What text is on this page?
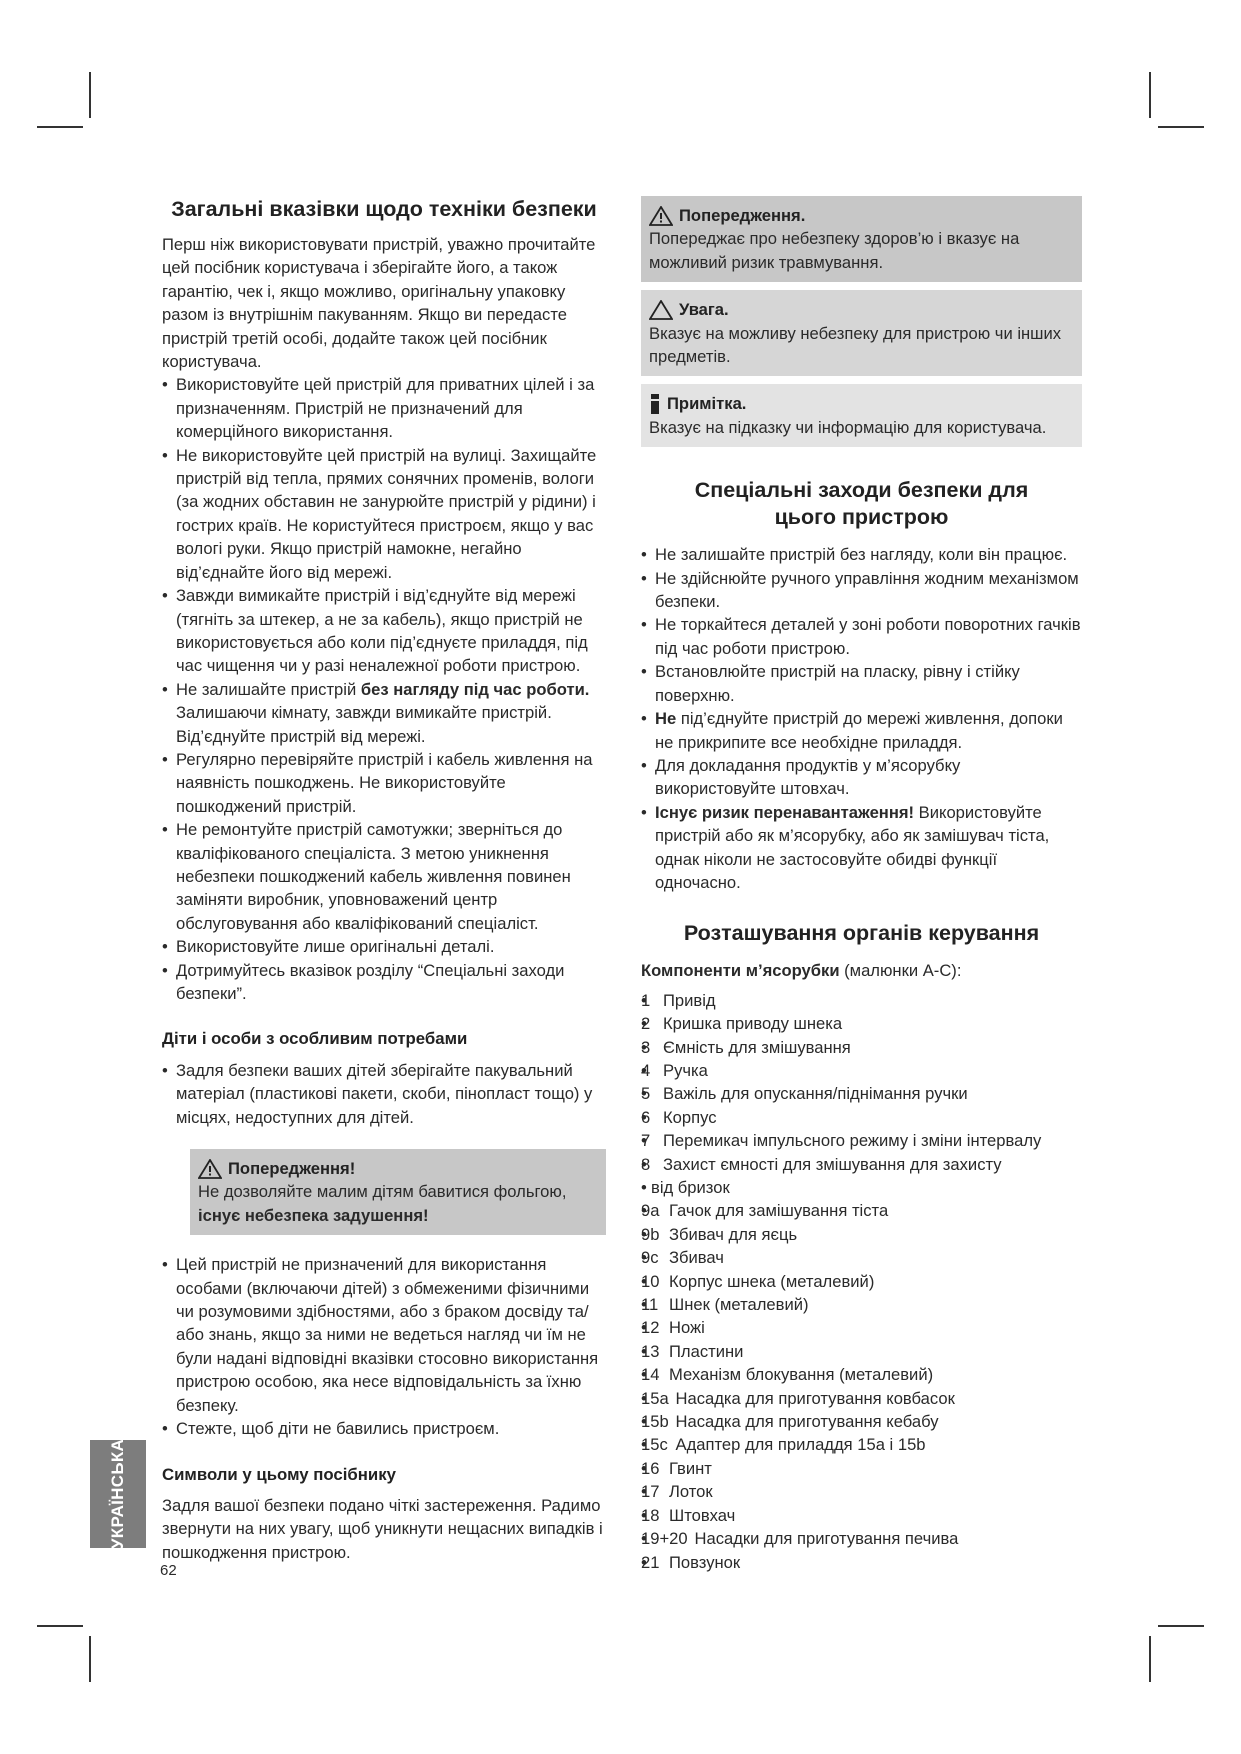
Загальні вказівки щодо техніки безпеки

Перш ніж використовувати пристрій, уважно прочитайте цей посібник користувача і зберігайте його, а також гарантію, чек і, якщо можливо, оригінальну упаковку разом із внутрішнім пакуванням. Якщо ви передасте пристрій третій особі, додайте також цей посібник користувача.

• Використовуйте цей пристрій для приватних цілей і за призначенням. Пристрій не призначений для комерційного використання.
• Не використовуйте цей пристрій на вулиці. Захищайте пристрій від тепла, прямих сонячних променів, вологи (за жодних обставин не занурюйте пристрій у рідини) і гострих країв. Не користуйтеся пристроєм, якщо у вас вологі руки. Якщо пристрій намокне, негайно від’єднайте його від мережі.
• Завжди вимикайте пристрій і від’єднуйте від мережі (тягніть за штекер, а не за кабель), якщо пристрій не використовується або коли під’єднуєте приладдя, під час чищення чи у разі неналежної роботи пристрою.
• Не залишайте пристрій без нагляду під час роботи. Залишаючи кімнату, завжди вимикайте пристрій. Від’єднуйте пристрій від мережі.
• Регулярно перевіряйте пристрій і кабель живлення на наявність пошкоджень. Не використовуйте пошкоджений пристрій.
• Не ремонтуйте пристрій самотужки; зверніться до кваліфікованого спеціаліста. З метою уникнення небезпеки пошкоджений кабель живлення повинен заміняти виробник, уповноважений центр обслуговування або кваліфікований спеціаліст.
• Використовуйте лише оригінальні деталі.
• Дотримуйтесь вказівок розділу “Спеціальні заходи безпеки”.
Діти і особи з особливим потребами
• Задля безпеки ваших дітей зберігайте пакувальний матеріал (пластикові пакети, скоби, пінопласт тощо) у місцях, недоступних для дітей.
Попередження!

Не дозволяйте малим дітям бавитися фольгою, існує небезпека задушення!

• Цей пристрій не призначений для використання особами (включаючи дітей) з обмеженими фізичними чи розумовими здібностями, або з браком досвіду та/або знань, якщо за ними не ведеться нагляд чи їм не були надані відповідні вказівки стосовно використання пристрою особою, яка несе відповідальність за їхню безпеку.
• Стежте, щоб діти не бавились пристроєм.
Символи у цьому посібнику

Задля вашої безпеки подано чіткі застереження. Радимо звернути на них увагу, щоб уникнути нещасних випадків і пошкодження пристрою.

Попередження.

Попереджає про небезпеку здоров’ю і вказує на можливий ризик травмування.

Увага.

Вказує на можливу небезпеку для пристрою чи інших предметів.

Примітка.

Вказує на підказку чи інформацію для користувача.

Спеціальні заходи безпеки для
цього пристрою
• Не залишайте пристрій без нагляду, коли він працює.
• Не здійснюйте ручного управління жодним механізмом безпеки.
• Не торкайтеся деталей у зоні роботи поворотних гачків під час роботи пристрою.
• Встановлюйте пристрій на пласку, рівну і стійку поверхню.
• Не під’єднуйте пристрій до мережі живлення, допоки не прикрипите все необхідне приладдя.
• Для докладання продуктів у м’ясорубку використовуйте штовхач.
• Існує ризик перенавантаження! Використовуйте пристрій або як м’ясорубку, або як замішувач тіста, однак ніколи не застосовуйте обидві функції одночасно.
Розташування органів керування

Компоненти м’ясорубки (малюнки A-C):

• 1 Привід
• 2 Кришка приводу шнека
• 3 Ємність для змішування
• 4 Ручка
• 5 Важіль для опускання/піднімання ручки
• 6 Корпус
• 7 Перемикач імпульсного режиму і зміни інтервалу
• 8 Захист ємності для змішування для захисту
• від бризок
• 9a Гачок для замішування тіста
• 9b Збивач для яєць
• 9c Збивач
• 10 Корпус шнека (металевий)
• 11 Шнек (металевий)
• 12 Ножі
• 13 Пластини
• 14 Механізм блокування (металевий)
• 15a Насадка для приготування ковбасок
• 15b Насадка для приготування кебабу
• 15c Адаптер для приладдя 15a і 15b
• 16 Гвинт
• 17 Лоток
• 18 Штовхач
• 19+20 Насадки для приготування печива
• 21 Повзунок
УКРАЇНСЬКА
62
